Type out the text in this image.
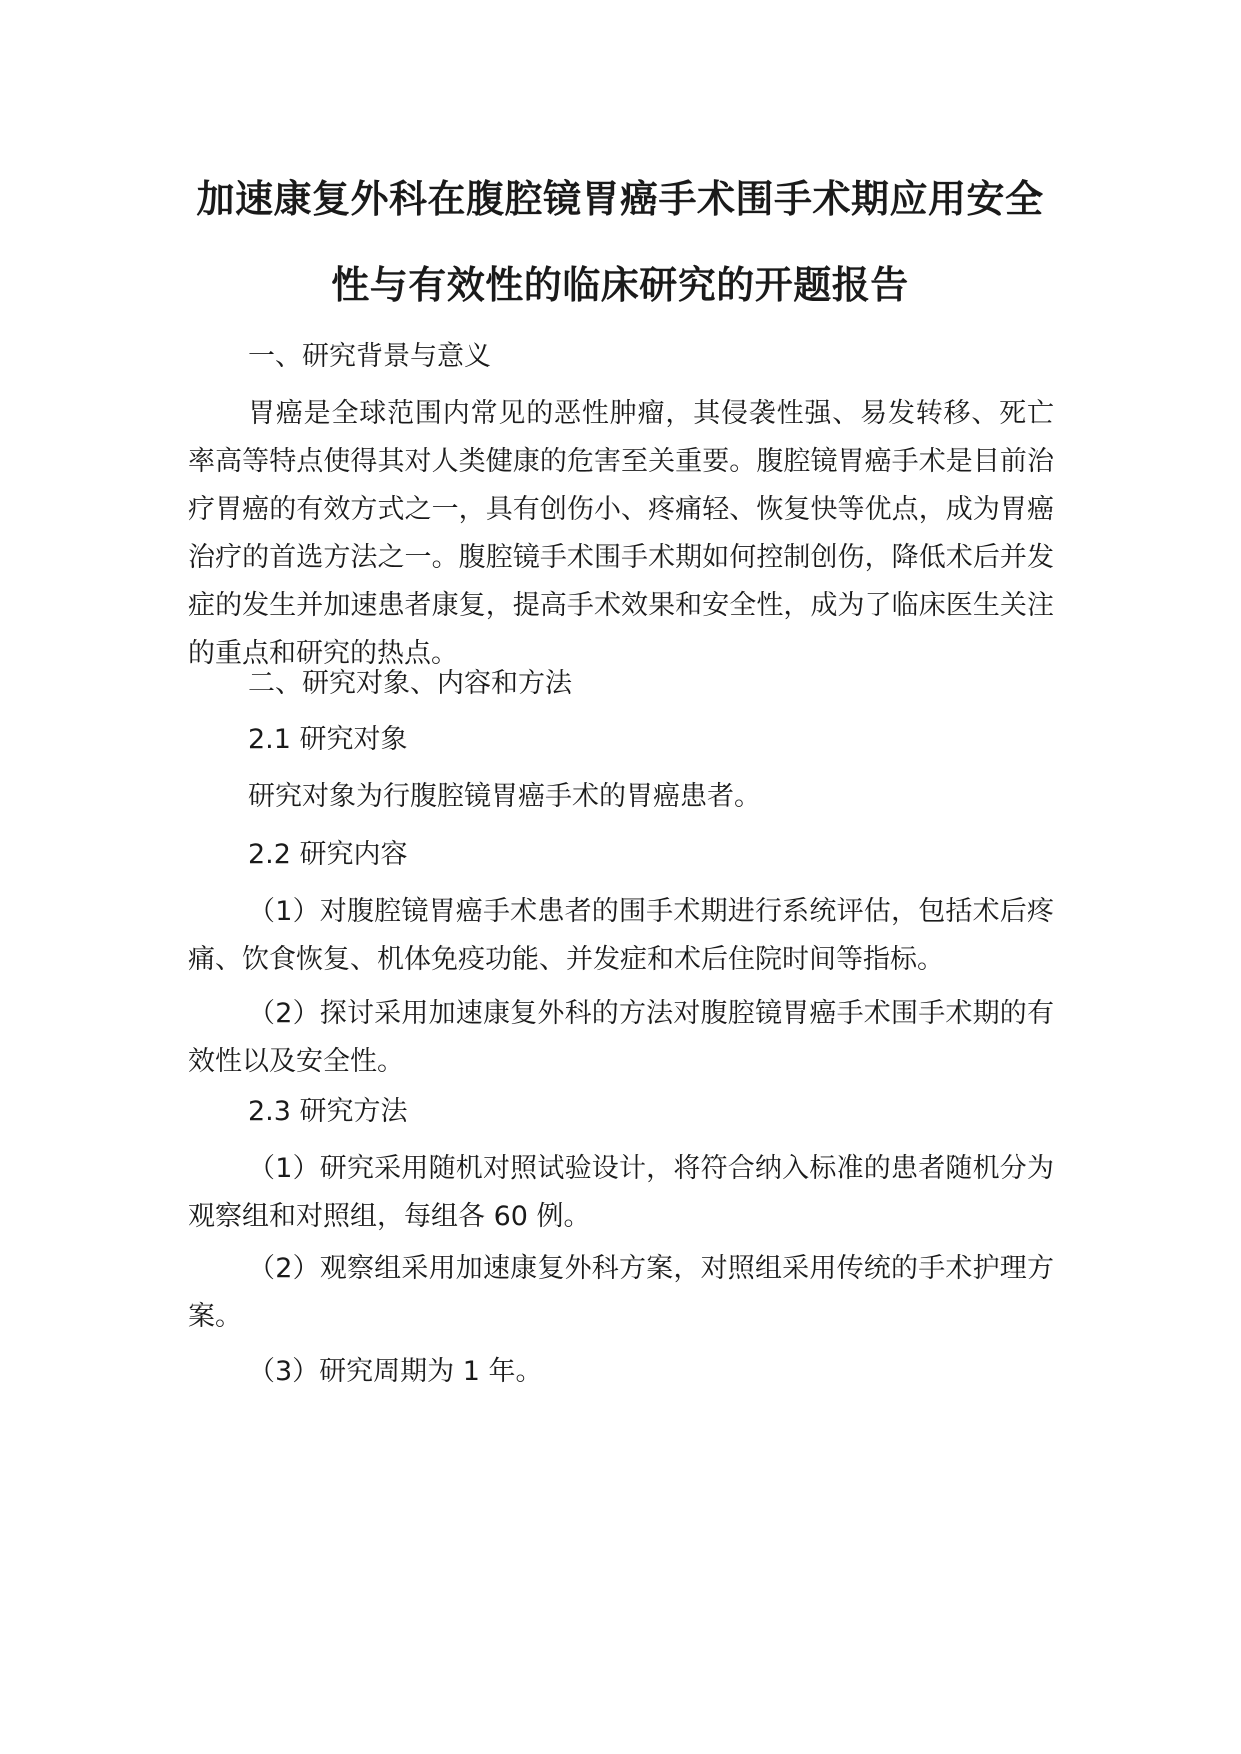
加速康复外科在腹腔镜胃癌手术围手术期应用安全
性与有效性的临床研究的开题报告

一、研究背景与意义

胃癌是全球范围内常见的恶性肿瘤，其侵袭性强、易发转移、死亡率高等特点使得其对人类健康的危害至关重要。腹腔镜胃癌手术是目前治疗胃癌的有效方式之一，具有创伤小、疼痛轻、恢复快等优点，成为胃癌治疗的首选方法之一。腹腔镜手术围手术期如何控制创伤，降低术后并发症的发生并加速患者康复，提高手术效果和安全性，成为了临床医生关注的重点和研究的热点。

二、研究对象、内容和方法

2.1 研究对象

研究对象为行腹腔镜胃癌手术的胃癌患者。

2.2 研究内容

（1）对腹腔镜胃癌手术患者的围手术期进行系统评估，包括术后疼痛、饮食恢复、机体免疫功能、并发症和术后住院时间等指标。

（2）探讨采用加速康复外科的方法对腹腔镜胃癌手术围手术期的有效性以及安全性。

2.3 研究方法

（1）研究采用随机对照试验设计，将符合纳入标准的患者随机分为观察组和对照组，每组各 60 例。

（2）观察组采用加速康复外科方案，对照组采用传统的手术护理方案。

（3）研究周期为 1 年。
